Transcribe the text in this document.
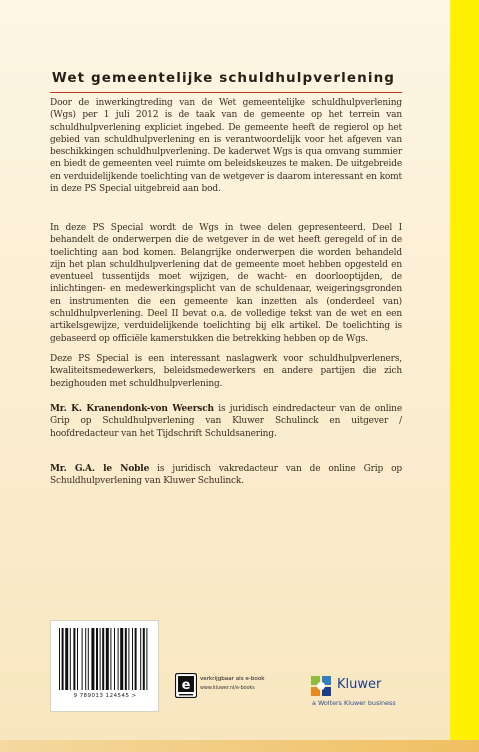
Wet gemeentelijke schuldhulpverlening

Door de inwerkingtreding van de Wet gemeentelijke schuldhulpverlening (Wgs) per 1 juli 2012 is de taak van de gemeente op het terrein van schuldhulpverlening expliciet ingebed. De gemeente heeft de regierol op het gebied van schuldhulpverlening en is verantwoordelijk voor het afgeven van beschikkingen schuldhulpverlening. De kaderwet Wgs is qua omvang summier en biedt de gemeenten veel ruimte om beleidskeuzes te maken. De uitgebreide en verduidelijkende toelichting van de wetgever is daarom interessant en komt in deze PS Special uitgebreid aan bod.

In deze PS Special wordt de Wgs in twee delen gepresenteerd. Deel I behandelt de onderwerpen die de wetgever in de wet heeft geregeld of in de toelichting aan bod komen. Belangrijke onderwerpen die worden behandeld zijn het plan schuldhulpverlening dat de gemeente moet hebben opgesteld en eventueel tussentijds moet wijzigen, de wacht- en doorlooptijden, de inlichtingen- en medewerkingsplicht van de schuldenaar, weigeringsgronden en instrumenten die een gemeente kan inzetten als (onderdeel van) schuldhulpverlening. Deel II bevat o.a. de volledige tekst van de wet en een artikelsgewijze, verduidelijkende toelichting bij elk artikel. De toelichting is gebaseerd op officiële kamerstukken die betrekking hebben op de Wgs.

Deze PS Special is een interessant naslagwerk voor schuldhulpverleners, kwaliteitsmedewerkers, beleidsmedewerkers en andere partijen die zich bezighouden met schuldhulpverlening.

Mr. K. Kranendonk-von Weersch is juridisch eindredacteur van de online Grip op Schuldhulpverlening van Kluwer Schulinck en uitgever / hoofdredacteur van het Tijdschrift Schuldsanering.

Mr. G.A. le Noble is juridisch vakredacteur van de online Grip op Schuldhulpverlening van Kluwer Schulinck.

9 789013 124545 >
e verkrijgbaar als e-book
www.kluwer.nl/e-books	Kluwer
a Wolters Kluwer business
